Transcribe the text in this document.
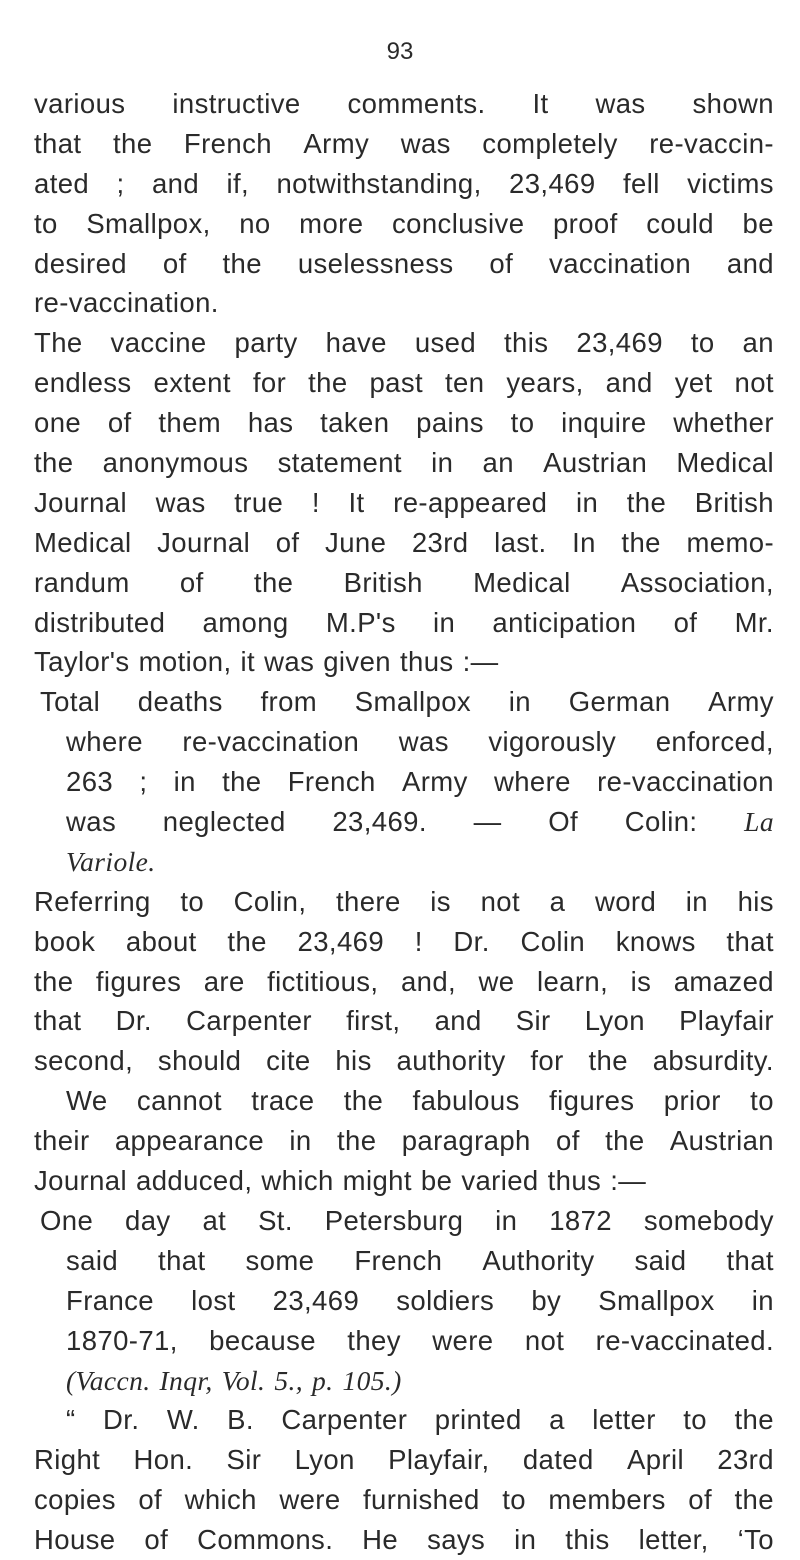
93
various instructive comments. It was shown
that the French Army was completely re-vaccin-
ated ; and if, notwithstanding, 23,469 fell victims
to Smallpox, no more conclusive proof could be
desired of the uselessness of vaccination and
re-vaccination.
The vaccine party have used this 23,469 to an
endless extent for the past ten years, and yet not
one of them has taken pains to inquire whether
the anonymous statement in an Austrian Medical
Journal was true ! It re-appeared in the British
Medical Journal of June 23rd last. In the memo-
randum of the British Medical Association,
distributed among M.P's in anticipation of Mr.
Taylor's motion, it was given thus :—
Total deaths from Smallpox in German Army
where re-vaccination was vigorously enforced,
263 ; in the French Army where re-vaccination
was neglected 23,469. — Of Colin: La
Variole.
Referring to Colin, there is not a word in his
book about the 23,469 ! Dr. Colin knows that
the figures are fictitious, and, we learn, is amazed
that Dr. Carpenter first, and Sir Lyon Playfair
second, should cite his authority for the absurdity.
We cannot trace the fabulous figures prior to
their appearance in the paragraph of the Austrian
Journal adduced, which might be varied thus :—
One day at St. Petersburg in 1872 somebody
said that some French Authority said that
France lost 23,469 soldiers by Smallpox in
1870-71, because they were not re-vaccinated.
(Vaccn. Inqr, Vol. 5., p. 105.)
“ Dr. W. B. Carpenter printed a letter to the
Right Hon. Sir Lyon Playfair, dated April 23rd
copies of which were furnished to members of the
House of Commons. He says in this letter, ‘To
